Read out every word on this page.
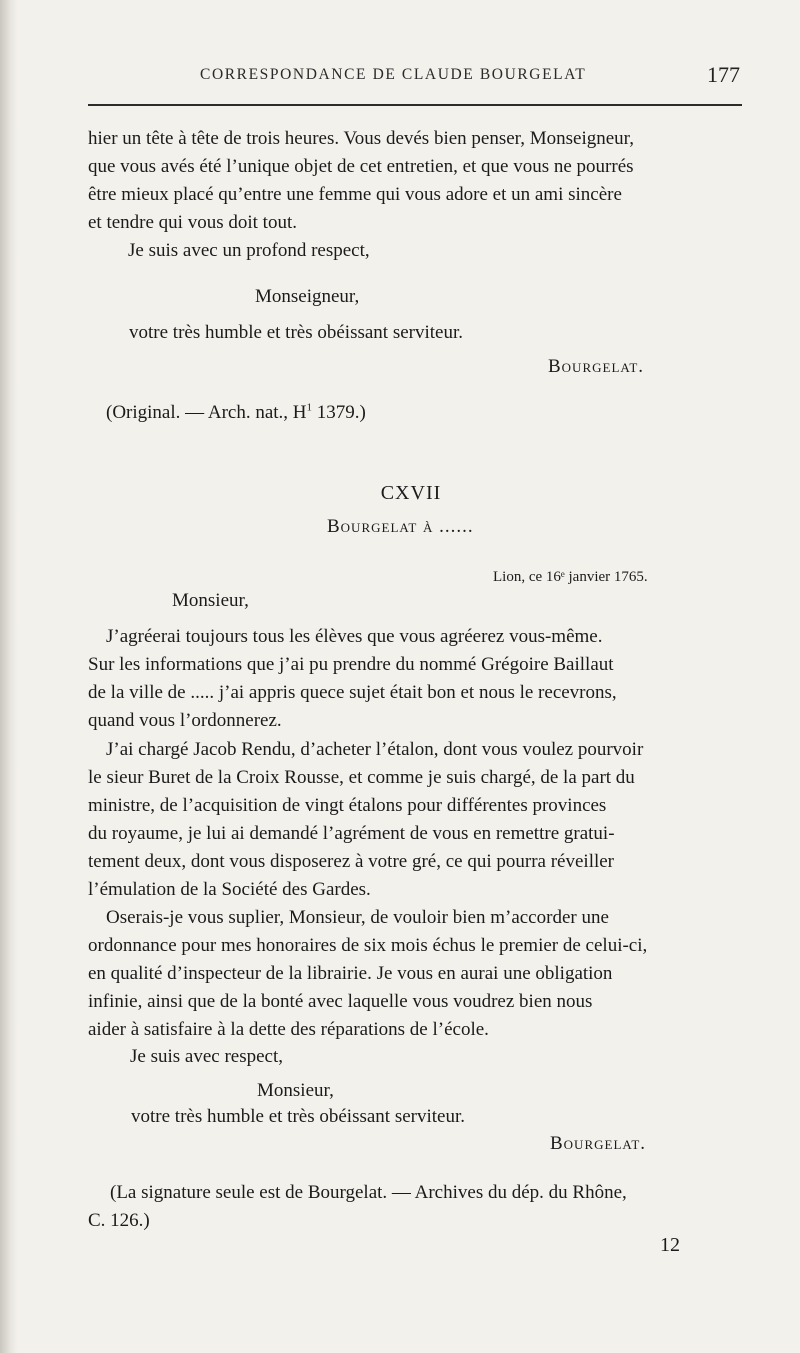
CORRESPONDANCE DE CLAUDE BOURGELAT	177

hier un tête à tête de trois heures. Vous devés bien penser, Monseigneur,

que vous avés été l’unique objet de cet entretien, et que vous ne pourrés

être mieux placé qu’entre une femme qui vous adore et un ami sincère

et tendre qui vous doit tout.

Je suis avec un profond respect,

Monseigneur,

votre très humble et très obéissant serviteur.

Bourgelat.

(Original. — Arch. nat., $H^1$ 1379.)

CXVII

Bourgelat à ......

Lion, ce 16ᵉ janvier 1765.

Monsieur,

J’agréerai toujours tous les élèves que vous agréerez vous-même.

Sur les informations que j’ai pu prendre du nommé Grégoire Baillaut

de la ville de ..... j’ai appris quece sujet était bon et nous le recevrons,

quand vous l’ordonnerez.

J’ai chargé Jacob Rendu, d’acheter l’étalon, dont vous voulez pourvoir

le sieur Buret de la Croix Rousse, et comme je suis chargé, de la part du

ministre, de l’acquisition de vingt étalons pour différentes provinces

du royaume, je lui ai demandé l’agrément de vous en remettre gratui-

tement deux, dont vous disposerez à votre gré, ce qui pourra réveiller

l’émulation de la Société des Gardes.

Oserais-je vous suplier, Monsieur, de vouloir bien m’accorder une

ordonnance pour mes honoraires de six mois échus le premier de celui-ci,

en qualité d’inspecteur de la librairie. Je vous en aurai une obligation

infinie, ainsi que de la bonté avec laquelle vous voudrez bien nous

aider à satisfaire à la dette des réparations de l’école.

Je suis avec respect,

Monsieur,

votre très humble et très obéissant serviteur.

Bourgelat.

(La signature seule est de Bourgelat. — Archives du dép. du Rhône,

C. 126.)

12
